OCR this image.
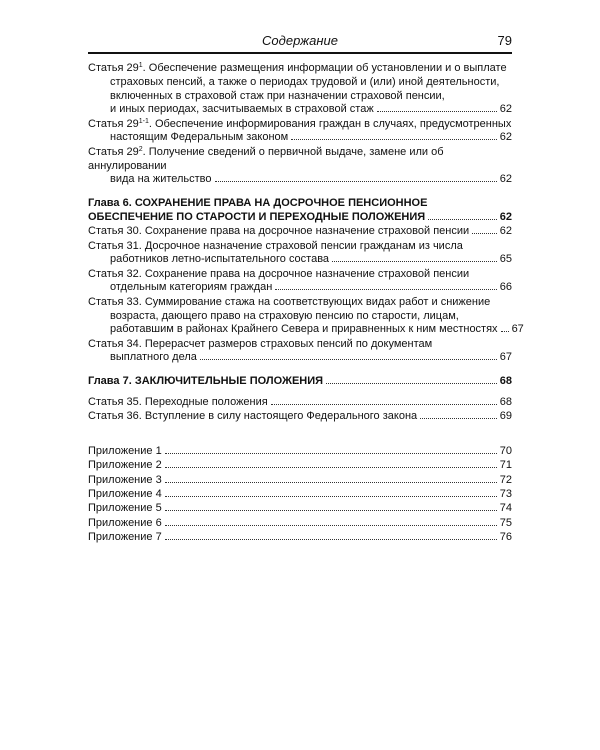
Содержание	79
Статья $29^1$. Обеспечение размещения информации об установлении и о выплате
страховых пенсий, а также о периодах трудовой и (или) иной деятельности,
включенных в страховой стаж при назначении страховой пенсии,
и иных периодах, засчитываемых в страховой стаж	62
Статья 29$^{1-1}$. Обеспечение информирования граждан в случаях, предусмотренных
настоящим Федеральным законом	62
Статья $29^2$. Получение сведений о первичной выдаче, замене или об аннулировании
вида на жительство	62
Глава 6. СОХРАНЕНИЕ ПРАВА НА ДОСРОЧНОЕ ПЕНСИОННОЕ
ОБЕСПЕЧЕНИЕ ПО СТАРОСТИ И ПЕРЕХОДНЫЕ ПОЛОЖЕНИЯ	62
Статья 30. Сохранение права на досрочное назначение страховой пенсии	62
Статья 31. Досрочное назначение страховой пенсии гражданам из числа
работников летно-испытательного состава	65
Статья 32. Сохранение права на досрочное назначение страховой пенсии
отдельным категориям граждан	66
Статья 33. Суммирование стажа на соответствующих видах работ и снижение
возраста, дающего право на страховую пенсию по старости, лицам,
работавшим в районах Крайнего Севера и приравненных к ним местностях 67
Статья 34. Перерасчет размеров страховых пенсий по документам
выплатного дела	67
Глава 7. ЗАКЛЮЧИТЕЛЬНЫЕ ПОЛОЖЕНИЯ	68
Статья 35. Переходные положения	68
Статья 36. Вступление в силу настоящего Федерального закона	69
Приложение 1	70
Приложение 2	71
Приложение 3	72
Приложение 4	73
Приложение 5	74
Приложение 6	75
Приложение 7	76
